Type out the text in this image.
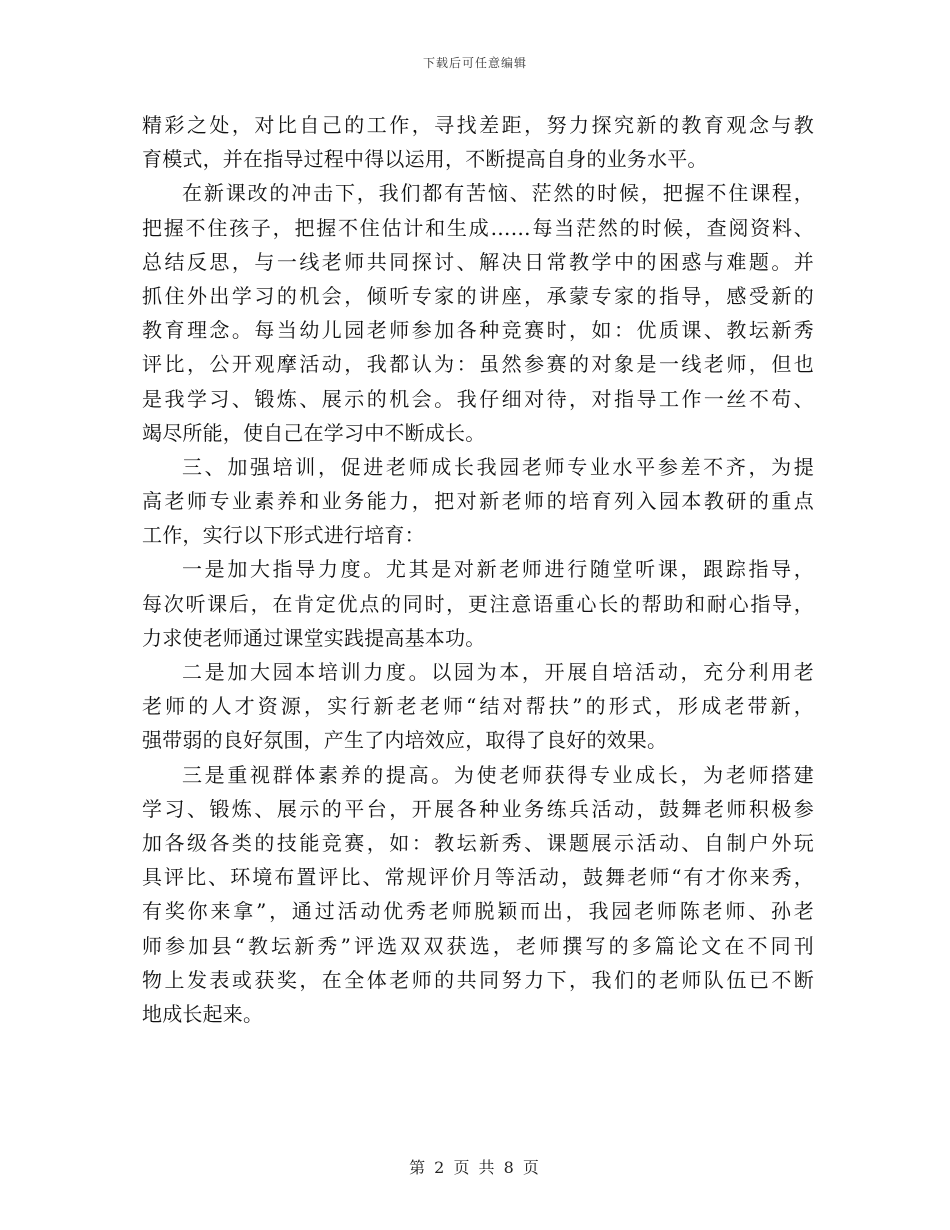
下载后可任意编辑
精彩之处，对比自己的工作，寻找差距，努力探究新的教育观念与教
育模式，并在指导过程中得以运用，不断提高自身的业务水平。
在新课改的冲击下，我们都有苦恼、茫然的时候，把握不住课程，
把握不住孩子，把握不住估计和生成……每当茫然的时候，查阅资料、
总结反思，与一线老师共同探讨、解决日常教学中的困惑与难题。并
抓住外出学习的机会，倾听专家的讲座，承蒙专家的指导，感受新的
教育理念。每当幼儿园老师参加各种竞赛时，如：优质课、教坛新秀
评比，公开观摩活动，我都认为：虽然参赛的对象是一线老师，但也
是我学习、锻炼、展示的机会。我仔细对待，对指导工作一丝不苟、
竭尽所能，使自己在学习中不断成长。
三、加强培训，促进老师成长我园老师专业水平参差不齐，为提
高老师专业素养和业务能力，把对新老师的培育列入园本教研的重点
工作，实行以下形式进行培育：
一是加大指导力度。尤其是对新老师进行随堂听课，跟踪指导，
每次听课后，在肯定优点的同时，更注意语重心长的帮助和耐心指导，
力求使老师通过课堂实践提高基本功。
二是加大园本培训力度。以园为本，开展自培活动，充分利用老
老师的人才资源，实行新老老师“结对帮扶”的形式，形成老带新，
强带弱的良好氛围，产生了内培效应，取得了良好的效果。
三是重视群体素养的提高。为使老师获得专业成长，为老师搭建
学习、锻炼、展示的平台，开展各种业务练兵活动，鼓舞老师积极参
加各级各类的技能竞赛，如：教坛新秀、课题展示活动、自制户外玩
具评比、环境布置评比、常规评价月等活动，鼓舞老师“有才你来秀，
有奖你来拿”，通过活动优秀老师脱颖而出，我园老师陈老师、孙老
师参加县“教坛新秀”评选双双获选，老师撰写的多篇论文在不同刊
物上发表或获奖，在全体老师的共同努力下，我们的老师队伍已不断
地成长起来。
第 2 页 共 8 页
